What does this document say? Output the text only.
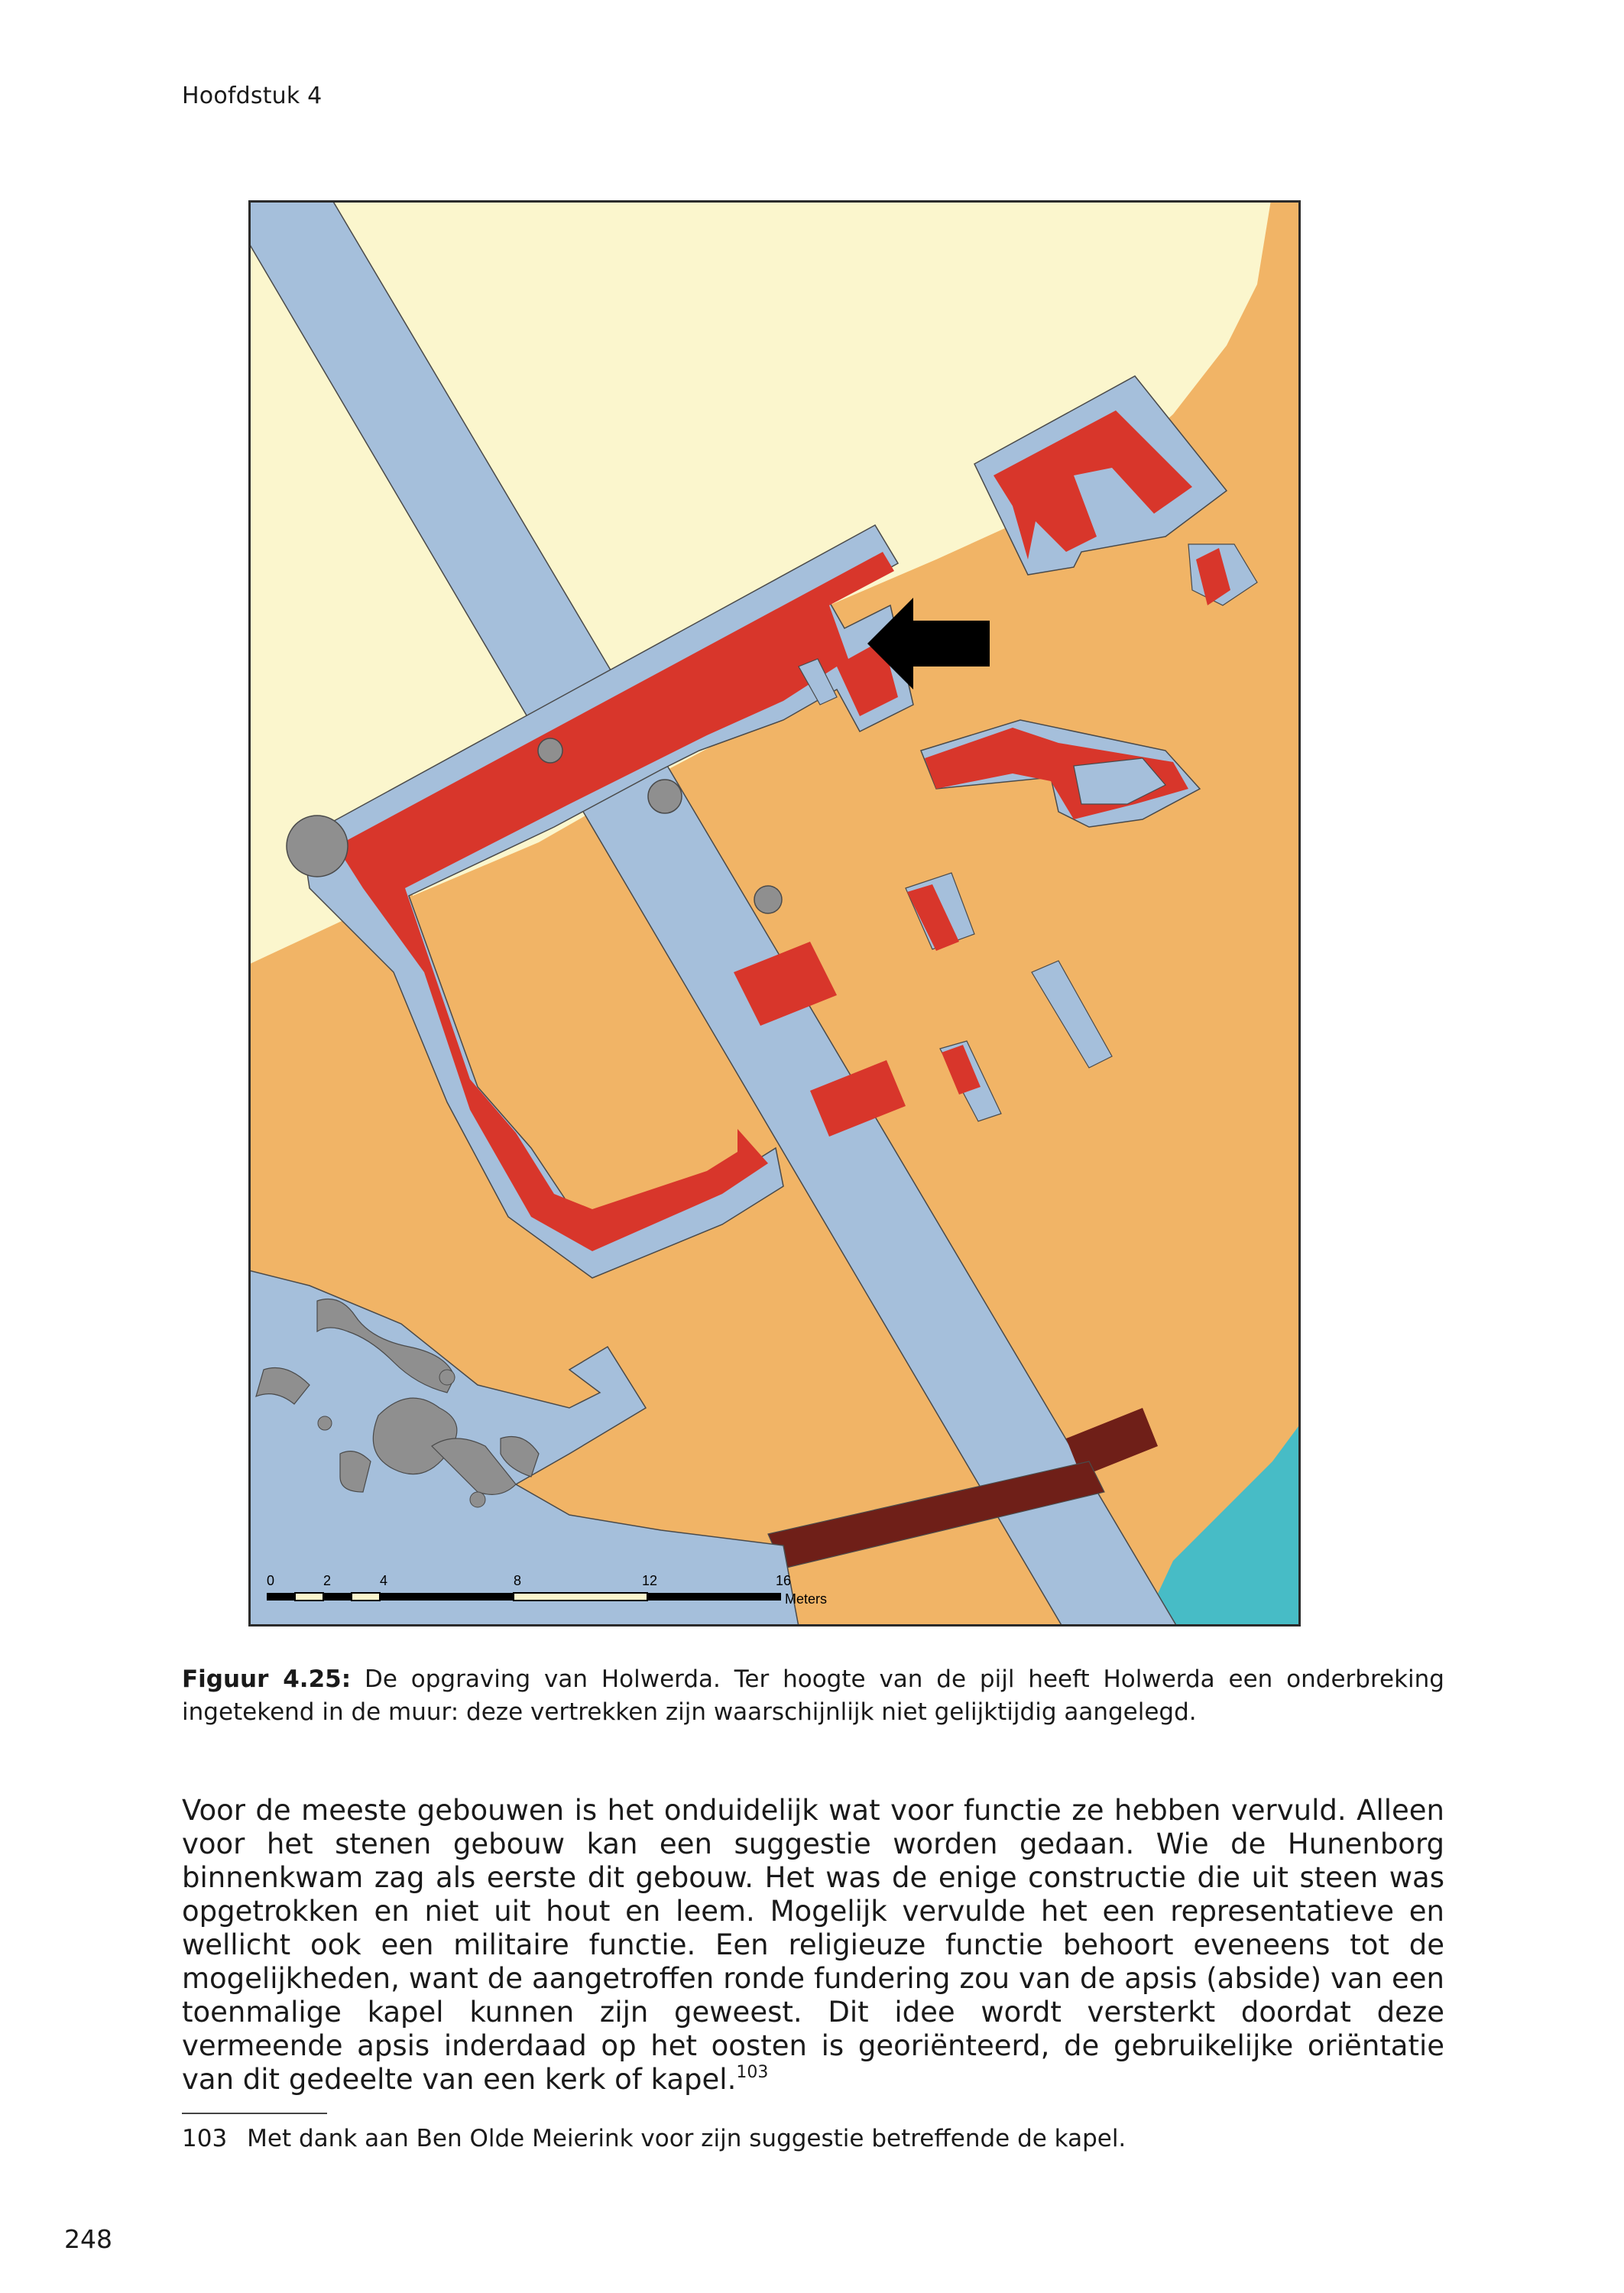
Hoofdstuk 4
0	2	4	8	12	16
Meters
Figuur 4.25: De opgraving van Holwerda. Ter hoogte van de pijl heeft Holwerda een onderbreking ingetekend in de muur: deze vertrekken zijn waarschijnlijk niet gelijktijdig aangelegd.
Voor de meeste gebouwen is het onduidelijk wat voor functie ze hebben vervuld. Alleen voor het stenen gebouw kan een suggestie worden gedaan. Wie de Hunenborg binnenkwam zag als eerste dit gebouw. Het was de enige constructie die uit steen was opgetrokken en niet uit hout en leem. Mogelijk vervulde het een representatieve en wellicht ook een militaire functie. Een religieuze functie behoort eveneens tot de mogelijkheden, want de aangetroffen ronde fundering zou van de apsis (abside) van een toenmalige kapel kunnen zijn geweest. Dit idee wordt versterkt doordat deze vermeende apsis inderdaad op het oosten is georiënteerd, de gebruikelijke oriëntatie van dit gedeelte van een kerk of kapel.$^{103}$
103 Met dank aan Ben Olde Meierink voor zijn suggestie betreffende de kapel.
248
